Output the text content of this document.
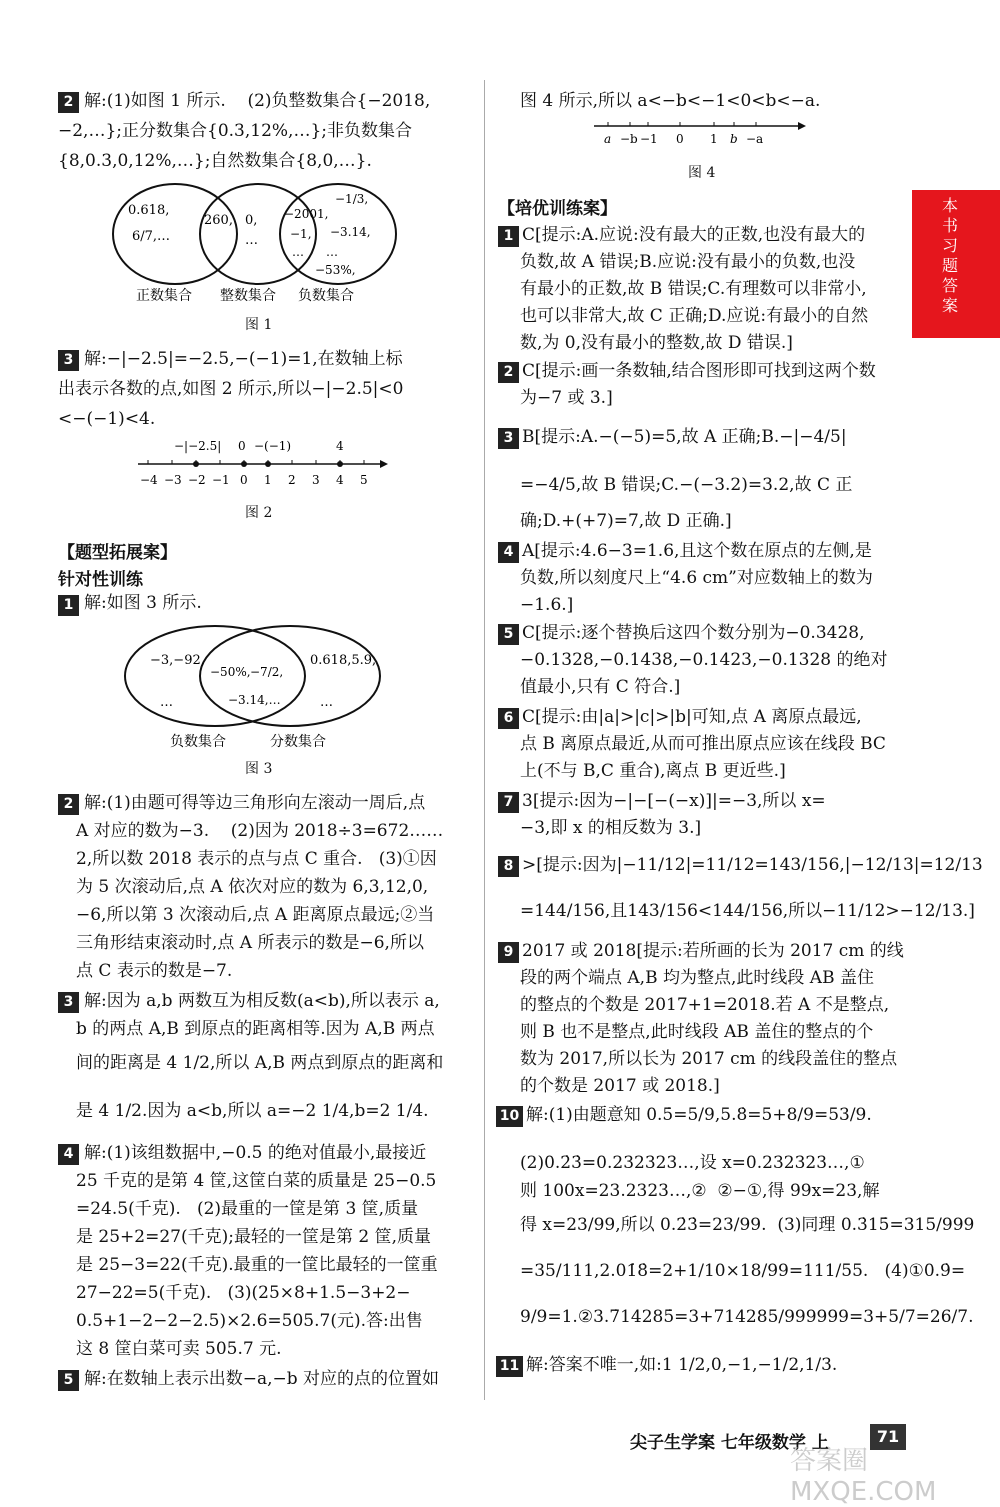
2 解:(1)如图 1 所示.    (2)负整数集合{−2018,
−2,…};正分数集合{0.3,12%,…};非负数集合
{8,0.3,0,12%,…};自然数集合{8,0,…}.
0.618,
6/7,…
260, 0,
…
−2001,
−1,
…
−1/3,
−3.14,
…
−53%,
正数集合 整数集合 负数集合
图 1
3 解:−|−2.5|=−2.5,−(−1)=1,在数轴上标
出表示各数的点,如图 2 所示,所以−|−2.5|<0
<−(−1)<4.
−|−2.5| 0 −(−1)	4
−4 −3 −2 −1 0 1 2 3 4 5
图 2
【题型拓展案】
针对性训练
1 解:如图 3 所示.
−3,−92,
…
−50%, −7/2,
−3.14,…
0.618,5.9,
…
负数集合	分数集合
图 3
2 解:(1)由题可得等边三角形向左滚动一周后,点
A 对应的数为−3.    (2)因为 2018÷3=672……
2,所以数 2018 表示的点与点 C 重合.   (3)①因
为 5 次滚动后,点 A 依次对应的数为 6,3,12,0,
−6,所以第 3 次滚动后,点 A 距离原点最远;②当
三角形结束滚动时,点 A 所表示的数是−6,所以
点 C 表示的数是−7.
3 解:因为 a,b 两数互为相反数(a<b),所以表示 a,
b 的两点 A,B 到原点的距离相等.因为 A,B 两点
间的距离是 4 1/2,所以 A,B 两点到原点的距离和
是 4 1/2.因为 a<b,所以 a=−2 1/4,b=2 1/4.
4 解:(1)该组数据中,−0.5 的绝对值最小,最接近
25 千克的是第 4 筐,这筐白菜的质量是 25−0.5
=24.5(千克).   (2)最重的一筐是第 3 筐,质量
是 25+2=27(千克);最轻的一筐是第 2 筐,质量
是 25−3=22(千克).最重的一筐比最轻的一筐重
27−22=5(千克).   (3)(25×8+1.5−3+2−
0.5+1−2−2−2.5)×2.6=505.7(元).答:出售
这 8 筐白菜可卖 505.7 元.
5 解:在数轴上表示出数−a,−b 对应的点的位置如
图 4 所示,所以 a<−b<−1<0<b<−a.
a −b −1 0 1 b −a
图 4
【培优训练案】
1 C[提示:A.应说:没有最大的正数,也没有最大的
负数,故 A 错误;B.应说:没有最小的负数,也没
有最小的正数,故 B 错误;C.有理数可以非常小,
也可以非常大,故 C 正确;D.应说:有最小的自然
数,为 0,没有最小的整数,故 D 错误.]
2 C[提示:画一条数轴,结合图形即可找到这两个数
为−7 或 3.]
3 B[提示:A.−(−5)=5,故 A 正确;B.−|−4/5|
=−4/5,故 B 错误;C.−(−3.2)=3.2,故 C 正
确;D.+(+7)=7,故 D 正确.]
4 A[提示:4.6−3=1.6,且这个数在原点的左侧,是
负数,所以刻度尺上“4.6 cm”对应数轴上的数为
−1.6.]
5 C[提示:逐个替换后这四个数分别为−0.3428,
−0.1328,−0.1438,−0.1423,−0.1328 的绝对
值最小,只有 C 符合.]
6 C[提示:由|a|>|c|>|b|可知,点 A 离原点最远,
点 B 离原点最近,从而可推出原点应该在线段 BC
上(不与 B,C 重合),离点 B 更近些.]
7 3[提示:因为−|−[−(−x)]|=−3,所以 x=
−3,即 x 的相反数为 3.]
8 >[提示:因为|−11/12|=11/12=143/156,|−12/13|=12/13
=144/156,且143/156<144/156,所以−11/12>−12/13.]
9 2017 或 2018[提示:若所画的长为 2017 cm 的线
段的两个端点 A,B 均为整点,此时线段 AB 盖住
的整点的个数是 2017+1=2018.若 A 不是整点,
则 B 也不是整点,此时线段 AB 盖住的整点的个
数为 2017,所以长为 2017 cm 的线段盖住的整点
的个数是 2017 或 2018.]
10 解:(1)由题意知 0.5̇=5/9,5.8̇=5+8/9=53/9.
(2)0.2̇3̇=0.232323…,设 x=0.232323…,①
则 100x=23.2323…,②  ②−①,得 99x=23,解
得 x=23/99,所以 0.2̇3̇=23/99.  (3)同理 0.3̇15̇=315/999
=35/111,2.01̇8̇=2+1/10×18/99=111/55.   (4)①0.9̇=
9/9=1.②3.7̇14285̇=3+714285/999999=3+5/7=26/7.
11 解:答案不唯一,如:1 1/2,0,−1,−1/2,1/3.
本书习题答案
尖子生学案 七年级数学 上	71
答案圈 MXQE.COM
